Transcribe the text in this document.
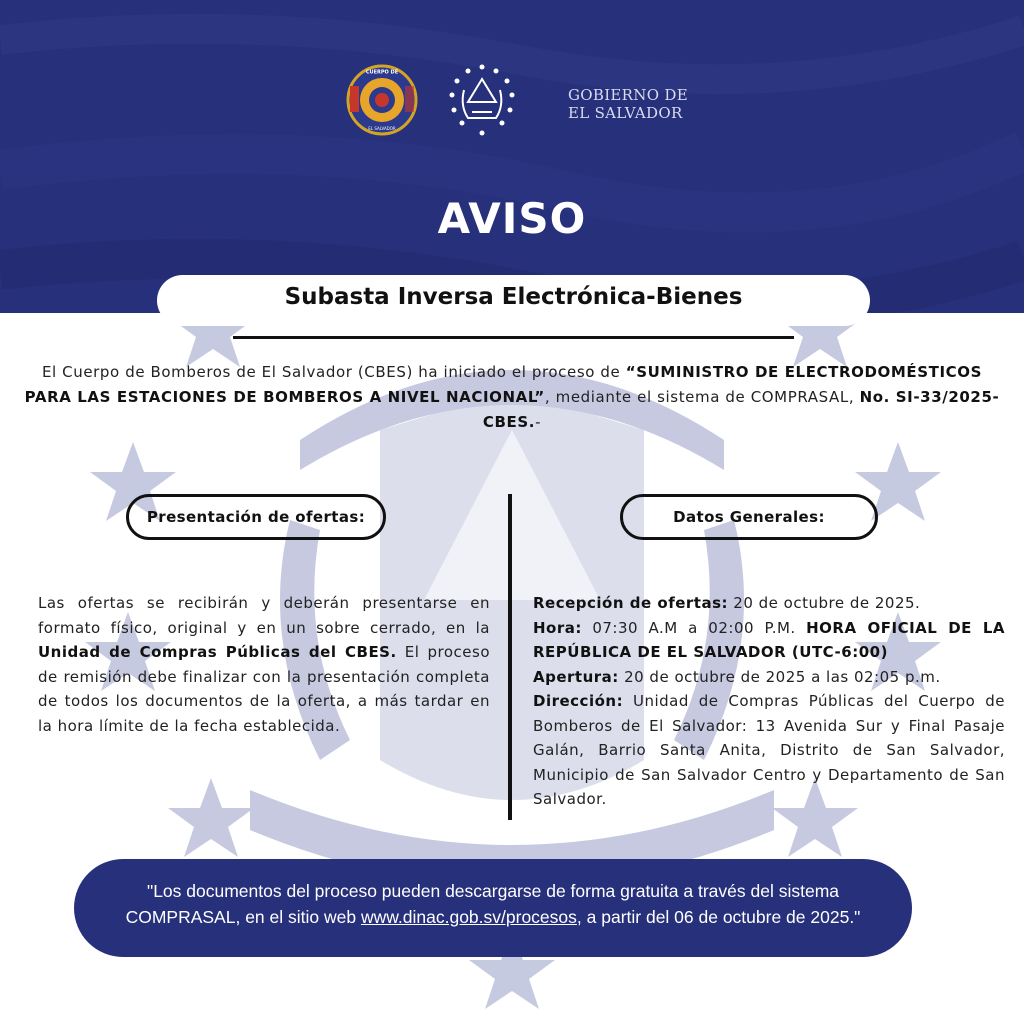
CUERPO DE
EL SALVADOR
GOBIERNO DE
EL SALVADOR
AVISO
Subasta Inversa Electrónica-Bienes
El Cuerpo de Bomberos de El Salvador (CBES) ha iniciado el proceso de “SUMINISTRO DE ELECTRODOMÉSTICOS PARA LAS ESTACIONES DE BOMBEROS A NIVEL NACIONAL”, mediante el sistema de COMPRASAL, No. SI-33/2025-CBES.-
Presentación de ofertas:	Datos Generales:
Las ofertas se recibirán y deberán presentarse en formato físico, original y en un sobre cerrado, en la Unidad de Compras Públicas del CBES. El proceso de remisión debe finalizar con la presentación completa de todos los documentos de la oferta, a más tardar en la hora límite de la fecha establecida.

Recepción de ofertas: 20 de octubre de 2025.

Hora: 07:30 A.M a 02:00 P.M. HORA OFICIAL DE LA REPÚBLICA DE EL SALVADOR (UTC-6:00)

Apertura: 20 de octubre de 2025 a las 02:05 p.m.

Dirección: Unidad de Compras Públicas del Cuerpo de Bomberos de El Salvador: 13 Avenida Sur y Final Pasaje Galán, Barrio Santa Anita, Distrito de San Salvador, Municipio de San Salvador Centro y Departamento de San Salvador.

"Los documentos del proceso pueden descargarse de forma gratuita a través del sistema COMPRASAL, en el sitio web www.dinac.gob.sv/procesos, a partir del 06 de octubre de 2025."
